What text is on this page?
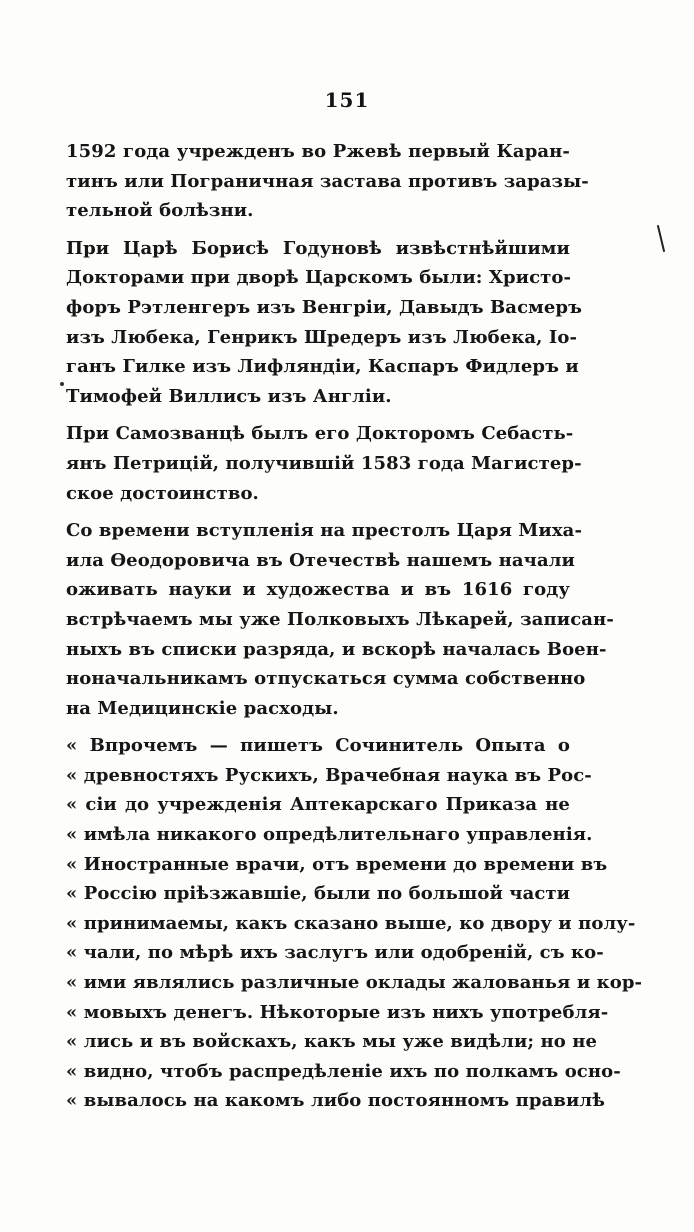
151
1592 года учрежденъ во Ржевѣ первый Каран-
тинъ или Пограничная застава противъ заразы-
тельной болѣзни.
При Царѣ Борисѣ Годуновѣ извѣстнѣйшими
Докторами при дворѣ Царскомъ были: Христо-
форъ Рэтленгеръ изъ Венгріи, Давыдъ Васмеръ
изъ Любека, Генрикъ Шредеръ изъ Любека, Іо-
ганъ Гилке изъ Лифляндіи, Каспаръ Фидлеръ и
Тимофей Виллисъ изъ Англіи.
При Самозванцѣ былъ его Докторомъ Себасть-
янъ Петрицій, получившій 1583 года Магистер-
ское достоинство.
Со времени вступленія на престолъ Царя Миха-
ила Ѳеодоровича въ Отечествѣ нашемъ начали
оживать науки и художества и въ 1616 году
встрѣчаемъ мы уже Полковыхъ Лѣкарей, записан-
ныхъ въ списки разряда, и вскорѣ началась Воен-
ноначальникамъ отпускаться сумма собственно
на Медицинскіе расходы.
« Впрочемъ — пишетъ Сочинитель Опыта о
« древностяхъ Рускихъ, Врачебная наука въ Рос-
« сіи до учрежденія Аптекарскаго Приказа не
« имѣла никакого опредѣлительнаго управленія.
« Иностранные врачи, отъ времени до времени въ
« Россію пріѣзжавшіе, были по большой части
« принимаемы, какъ сказано выше, ко двору и полу-
« чали, по мѣрѣ ихъ заслугъ или одобреній, съ ко-
« ими являлись различные оклады жалованья и кор-
« мовыхъ денегъ. Нѣкоторые изъ нихъ употребля-
« лись и въ войскахъ, какъ мы уже видѣли; но не
« видно, чтобъ распредѣленіе ихъ по полкамъ осно-
« вывалось на какомъ либо постоянномъ правилѣ
